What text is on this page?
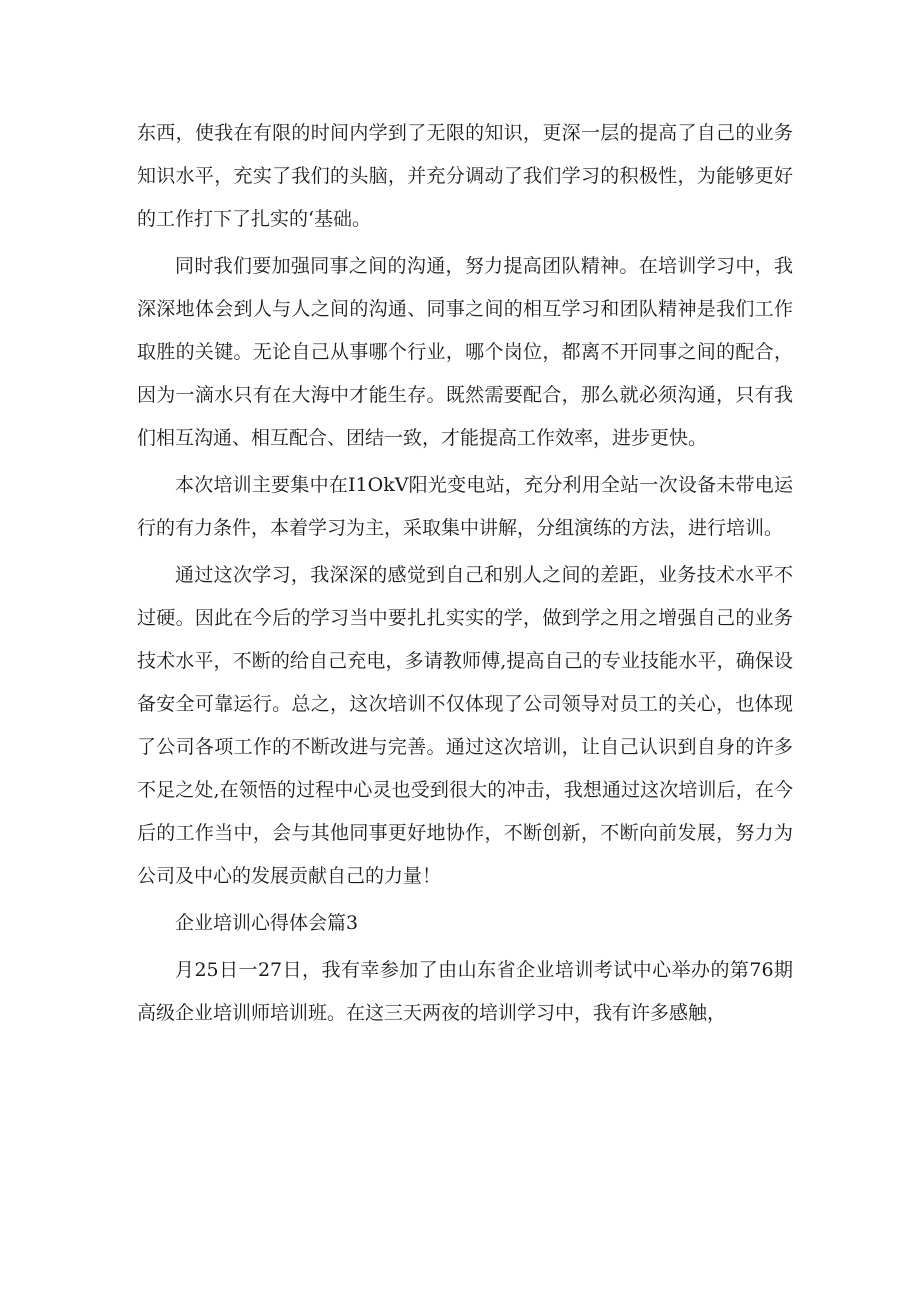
东西，使我在有限的时间内学到了无限的知识，更深一层的提高了自己的业务知识水平，充实了我们的头脑，并充分调动了我们学习的积极性，为能够更好的工作打下了扎实的‘基础。

同时我们要加强同事之间的沟通，努力提高团队精神。在培训学习中，我深深地体会到人与人之间的沟通、同事之间的相互学习和团队精神是我们工作取胜的关键。无论自己从事哪个行业，哪个岗位，都离不开同事之间的配合，因为一滴水只有在大海中才能生存。既然需要配合，那么就必须沟通，只有我们相互沟通、相互配合、团结一致，才能提高工作效率，进步更快。

本次培训主要集中在I1OkV阳光变电站，充分利用全站一次设备未带电运行的有力条件，本着学习为主，采取集中讲解，分组演练的方法，进行培训。

通过这次学习，我深深的感觉到自己和别人之间的差距，业务技术水平不过硬。因此在今后的学习当中要扎扎实实的学，做到学之用之增强自己的业务技术水平，不断的给自己充电，多请教师傅,提高自己的专业技能水平，确保设备安全可靠运行。总之，这次培训不仅体现了公司领导对员工的关心，也体现了公司各项工作的不断改进与完善。通过这次培训，让自己认识到自身的许多不足之处,在领悟的过程中心灵也受到很大的冲击，我想通过这次培训后，在今后的工作当中，会与其他同事更好地协作，不断创新，不断向前发展，努力为公司及中心的发展贡献自己的力量！

企业培训心得体会篇3

月25日一27日，我有幸参加了由山东省企业培训考试中心举办的第76期高级企业培训师培训班。在这三天两夜的培训学习中，我有许多感触，
